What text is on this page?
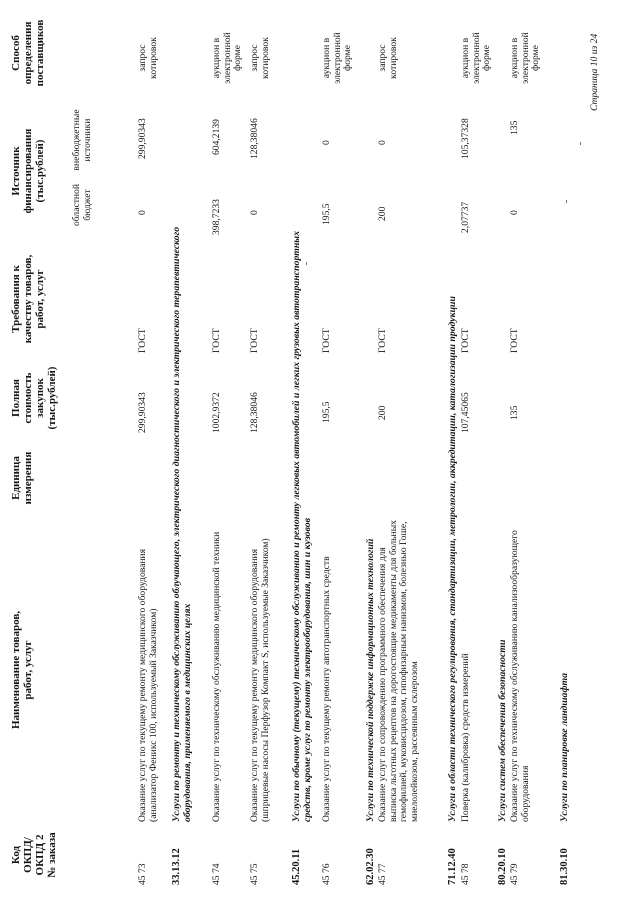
Код
ОКПД/
ОКПД 2
№ заказа
Наименование товаров,
работ, услуг
Единица
измерения
Полная
стоимость
закупок
(тыс.рублей)
Требования к
качеству товаров,
работ, услуг
Источник
финансирования
(тыс.рублей)
областной
бюджет
внебюджетные
источники
Способ
определения
поставщиков
45 73
Оказание услуг по текущему ремонту медицинского оборудования (анализатор Феникс 100, используемый Заказчиком)
299,90343
ГОСТ
0
299,90343
запрос
котировок
33.13.12
Услуги по ремонту и техническому обслуживанию облучающего, электрического диагностического и электрического терапевтического оборудования, применяемого в медицинских целях
45 74
Оказание услуг по техническому обслуживанию медицинской техники
1002,9372
ГОСТ
398,7233
604,2139
аукцион в
электронной
форме
45 75
Оказание услуг по текущему ремонту медицинского оборудования (шприцевые насосы Перфузор Компакт S, используемые Заказчиком)
128,38046
ГОСТ
0
128,38046
запрос
котировок
45.20.11
Услуги по обычному (текущему) техническому обслуживанию и ремонту легковых автомобилей и легких грузовых автотранспортных средств, кроме услуг по ремонту электрооборудования, шин и кузовов
45 76
Оказание услуг по текущему ремонту автотранспортных средств
195,5
ГОСТ
195,5
0
аукцион в
электронной
форме
62.02.30
Услуги по технической поддержке информационных технологий
45 77
Оказание услуг по сопровождению программного обеспечения для выписка льготных рецептов на дорогостоящие медикаменты для больных гемофилией, муковисцидозом, гипофизарным нанизмом, болезнью Гоше, миелолейкозом, рассеянным склерозом
200
ГОСТ
200
0
запрос
котировок
71.12.40
Услуги в области технического регулирования, стандартизации, метрологии, аккредитации, каталогизации продукции
45 78
Поверка (калибровка) средств измерений
107,45065
ГОСТ
2,07737
105,37328
аукцион в
электронной
форме
80.20.10
Услуги систем обеспечения безопасности
45 79
Оказание услуг по техническому обслуживанию канализообразующего оборудования
135
ГОСТ
0
135
аукцион в
электронной
форме
81.30.10
Услуги по планировке ландшафта
Страница 10 из 24
